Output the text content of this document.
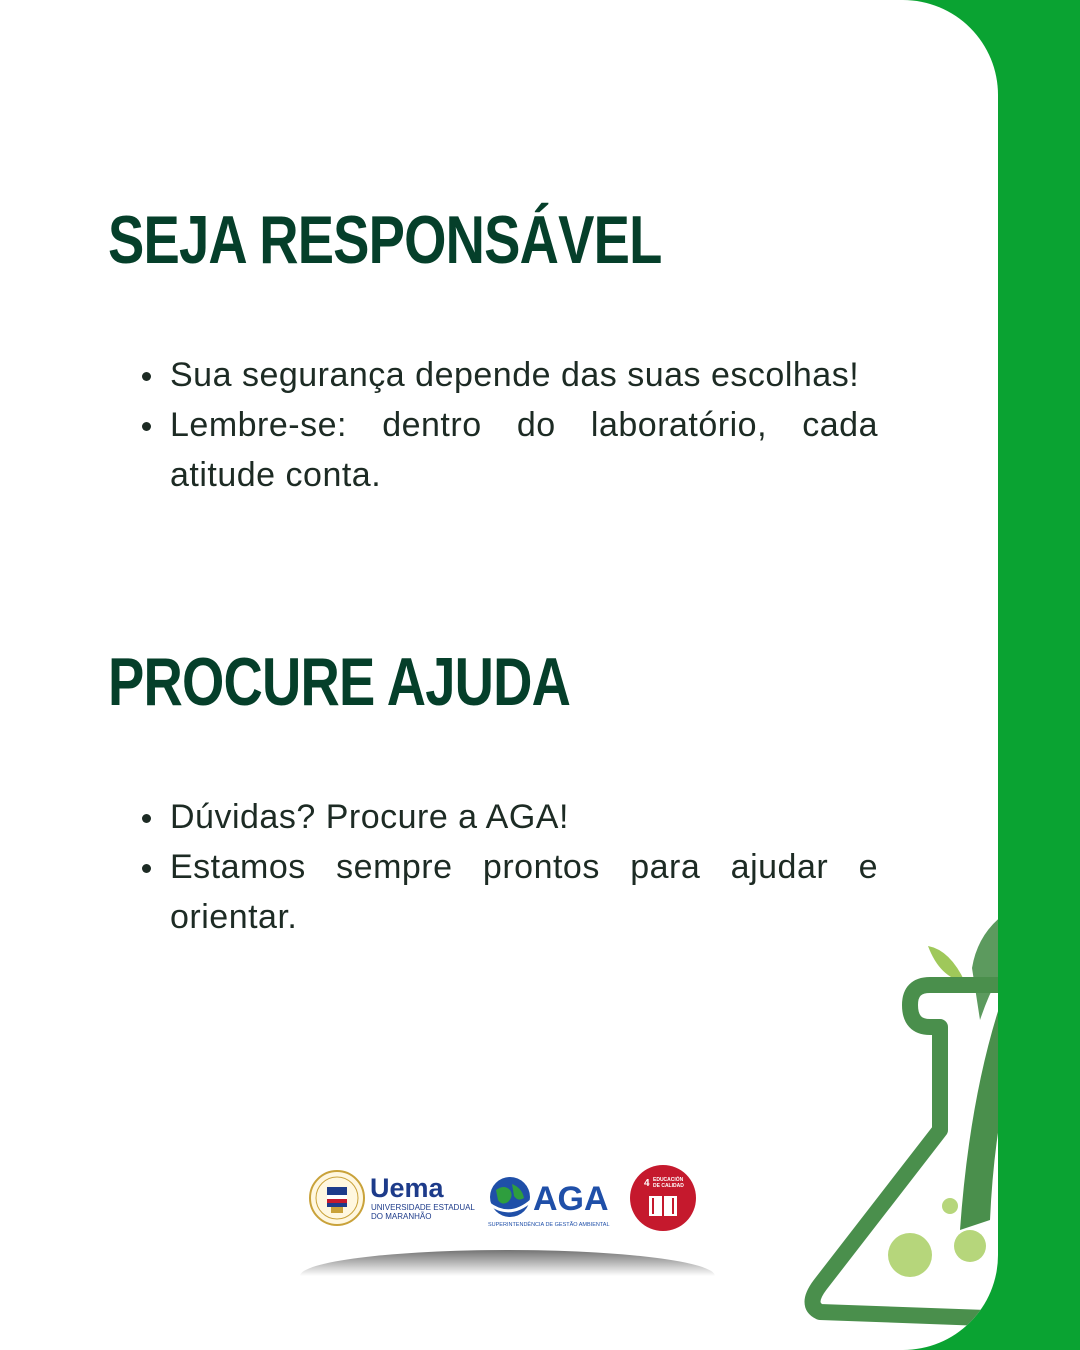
SEJA RESPONSÁVEL
Sua segurança depende das suas escolhas!
Lembre-se: dentro do laboratório, cada atitude conta.
PROCURE AJUDA
Dúvidas? Procure a AGA!
Estamos sempre prontos para ajudar e orientar.
Uema
UNIVERSIDADE ESTADUAL
DO MARANHÃO	AGA
SUPERINTENDÊNCIA DE GESTÃO AMBIENTAL
4 EDUCACIÓN
DE CALIDAD
